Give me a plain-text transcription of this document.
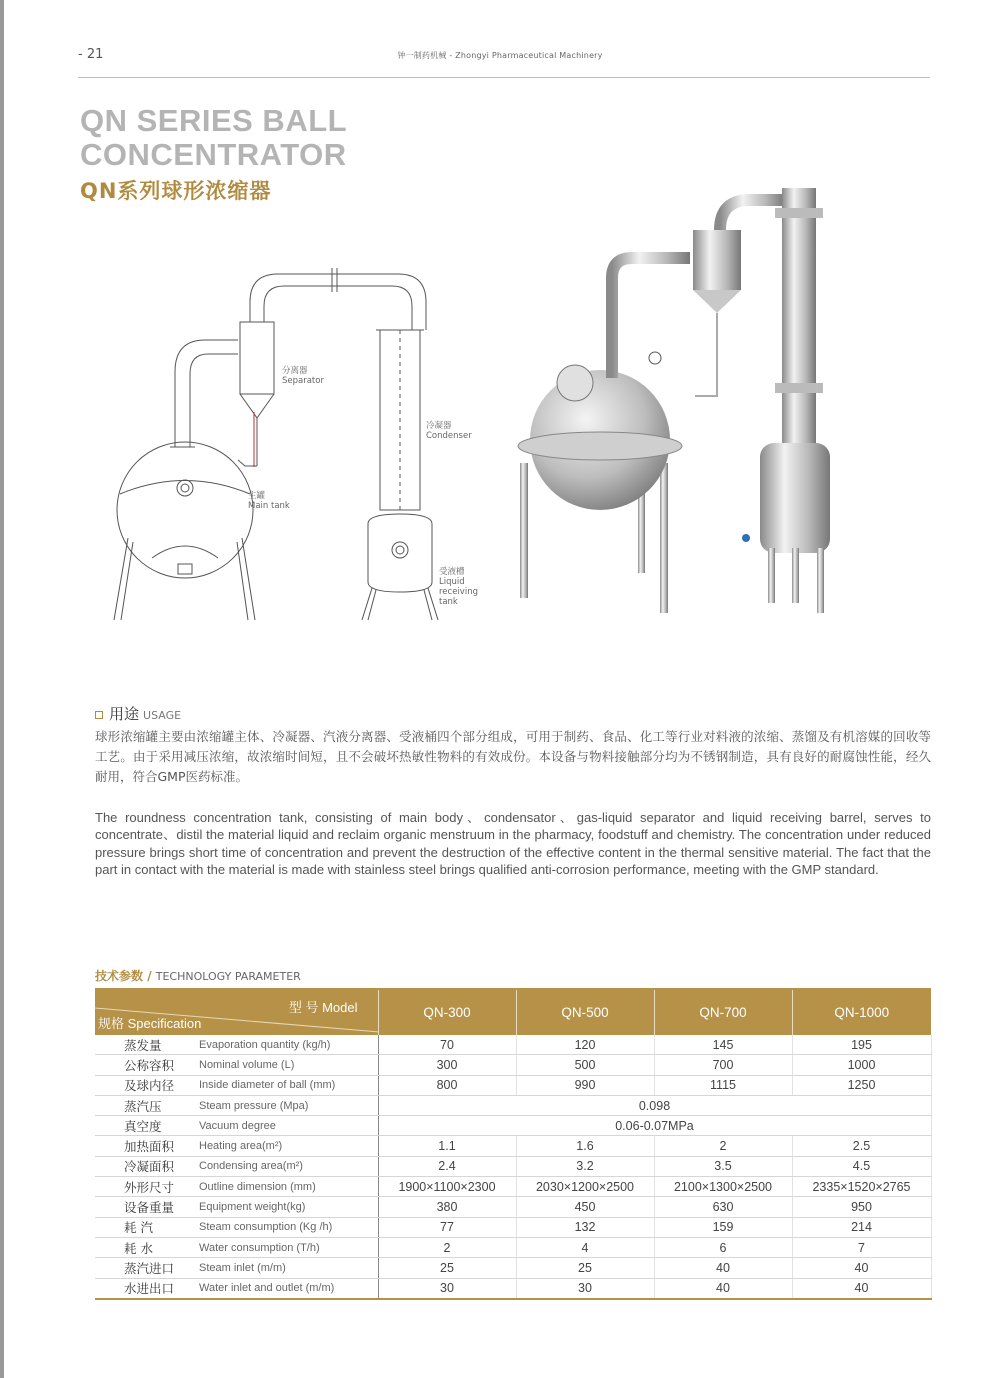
- 21	钟一制药机械 - Zhongyi Pharmaceutical Machinery
QN SERIES BALL
CONCENTRATOR
QN系列球形浓缩器
分离器
Separator
冷凝器
Condenser
主罐
Main tank
受液槽
Liquid
receiving
tank
用途 USAGE
球形浓缩罐主要由浓缩罐主体、冷凝器、汽液分离器、受液桶四个部分组成，可用于制药、食品、化工等行业对料液的浓缩、蒸馏及有机溶媒的回收等工艺。由于采用减压浓缩，故浓缩时间短，且不会破坏热敏性物料的有效成份。本设备与物料接触部分均为不锈钢制造，具有良好的耐腐蚀性能，经久耐用，符合GMP医药标准。
The roundness concentration tank, consisting of main body、condensator、gas-liquid separator and liquid receiving barrel, serves to concentrate、distil the material liquid and reclaim organic menstruum in the pharmacy, foodstuff and chemistry. The concentration under reduced pressure brings short time of concentration and prevent the destruction of the effective content in the thermal sensitive material. The fact that the part in contact with the material is made with stainless steel brings qualified anti-corrosion performance, meeting with the GMP standard.
技术参数 / TECHNOLOGY PARAMETER
型 号 Model
规格 Specification		QN-300	QN-500	QN-700	QN-1000
蒸发量	Evaporation quantity (kg/h)	70	120	145	195
公称容积	Nominal volume (L)	300	500	700	1000
及球内径	Inside diameter of ball (mm)	800	990	1115	1250
蒸汽压	Steam pressure (Mpa)	0.098			
真空度	Vacuum degree	0.06-0.07MPa			
加热面积	Heating area(m²)	1.1	1.6	2	2.5
冷凝面积	Condensing area(m²)	2.4	3.2	3.5	4.5
外形尺寸	Outline dimension (mm)	1900×1100×2300	2030×1200×2500	2100×1300×2500	2335×1520×2765
设备重量	Equipment weight(kg)	380	450	630	950
耗 汽	Steam consumption (Kg /h)	77	132	159	214
耗 水	Water consumption (T/h)	2	4	6	7
蒸汽进口	Steam inlet (m/m)	25	25	40	40
水进出口	Water inlet and outlet (m/m)	30	30	40	40
